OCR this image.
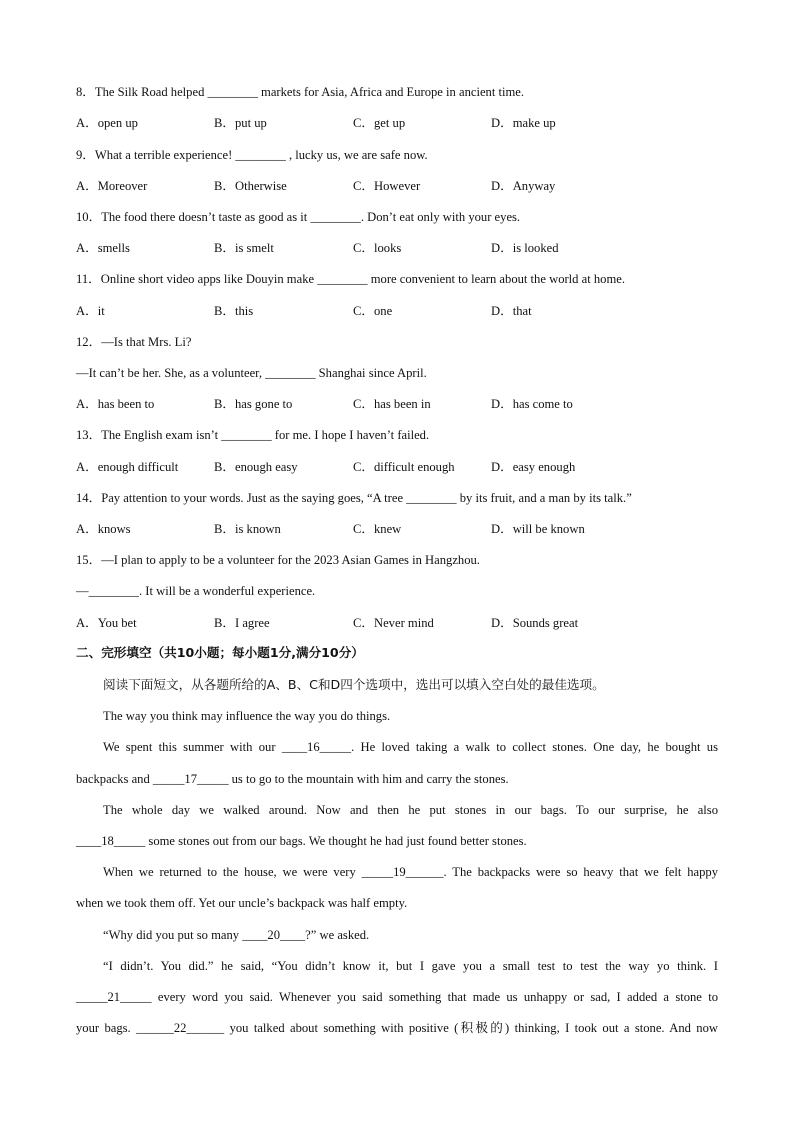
8．The Silk Road helped ________ markets for Asia, Africa and Europe in ancient time.
A．open up	B．put up	C．get up	D．make up
9．What a terrible experience! ________ , lucky us, we are safe now.
A．Moreover	B．Otherwise	C．However	D．Anyway
10．The food there doesn’t taste as good as it ________. Don’t eat only with your eyes.
A．smells	B．is smelt	C．looks	D．is looked
11．Online short video apps like Douyin make ________ more convenient to learn about the world at home.
A．it	B．this	C．one	D．that
12．—Is that Mrs. Li?
—It can’t be her. She, as a volunteer, ________ Shanghai since April.
A．has been to	B．has gone to	C．has been in	D．has come to
13．The English exam isn’t ________ for me. I hope I haven’t failed.
A．enough difficult	B．enough easy	C．difficult enough	D．easy enough
14．Pay attention to your words. Just as the saying goes, “A tree ________ by its fruit, and a man by its talk.”
A．knows	B．is known	C．knew	D．will be known
15．—I plan to apply to be a volunteer for the 2023 Asian Games in Hangzhou.
—________. It will be a wonderful experience.
A．You bet	B．I agree	C．Never mind	D．Sounds great
二、完形填空（共10小题；每小题1分,满分10分）
阅读下面短文，从各题所给的A、B、C和D四个选项中，选出可以填入空白处的最佳选项。
The way you think may influence the way you do things.
We spent this summer with our ____16_____. He loved taking a walk to collect stones. One day, he bought us
backpacks and _____17_____ us to go to the mountain with him and carry the stones.
The whole day we walked around. Now and then he put stones in our bags. To our surprise, he also
____18_____ some stones out from our bags. We thought he had just found better stones.
When we returned to the house, we were very _____19______. The backpacks were so heavy that we felt happy
when we took them off. Yet our uncle’s backpack was half empty.
“Why did you put so many ____20____?” we asked.
“I didn’t. You did.” he said, “You didn’t know it, but I gave you a small test to test the way yo think. I
_____21_____ every word you said. Whenever you said something that made us unhappy or sad, I added a stone to
your bags. ______22______ you talked about something with positive (积极的) thinking, I took out a stone. And now
